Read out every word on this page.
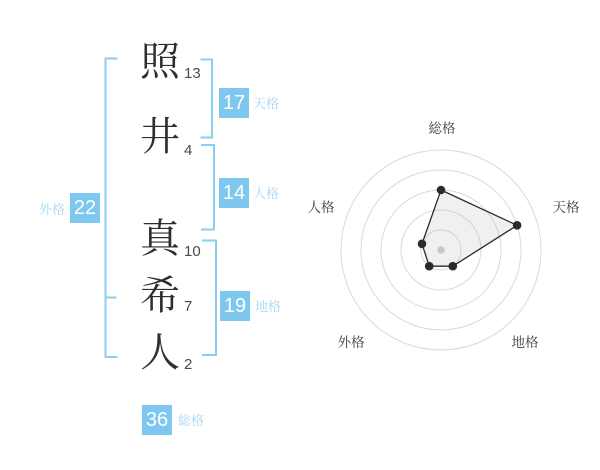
照
井
真
希
人
13
4
10
7
2
17 天格
14 人格
19 地格
22
外格
36 総格
総格
天格
地格
外格
人格
